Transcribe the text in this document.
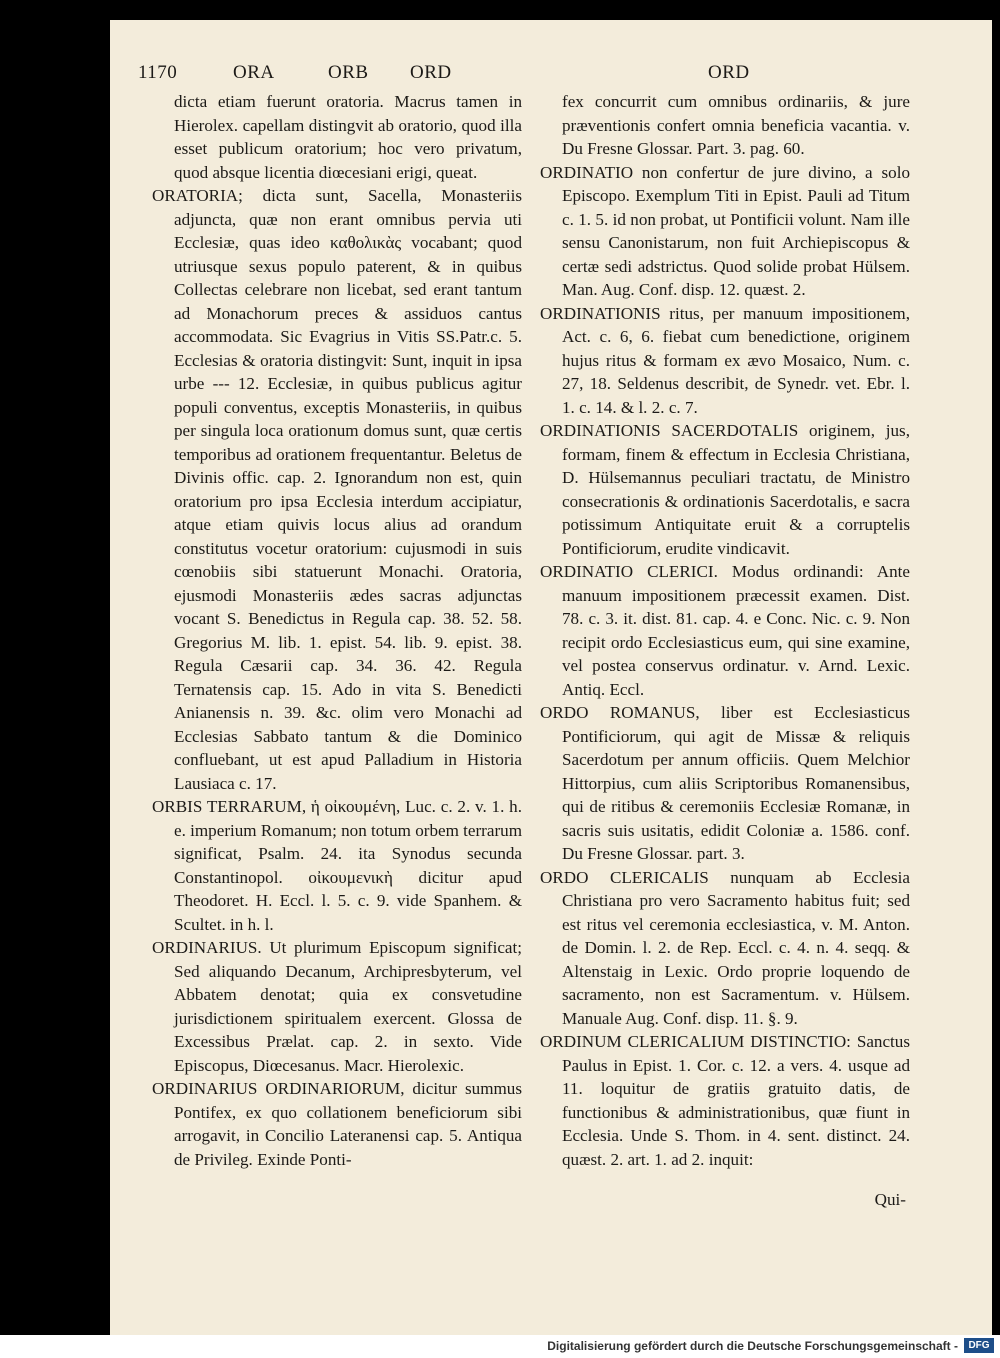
1170	ORA	ORB ORD	ORD

dicta etiam fuerunt oratoria. Macrus tamen in Hierolex. capellam distingvit ab oratorio, quod illa esset publicum oratorium; hoc vero privatum, quod absque licentia diœcesiani erigi, queat.

ORATORIA; dicta sunt, Sacella, Monasteriis adjuncta, quæ non erant omnibus pervia uti Ecclesiæ, quas ideo καθολικὰς vocabant; quod utriusque sexus populo paterent, & in quibus Collectas celebrare non licebat, sed erant tantum ad Monachorum preces & assiduos cantus accommodata. Sic Evagrius in Vitis SS.Patr.c. 5. Ecclesias & oratoria distingvit: Sunt, inquit in ipsa urbe --- 12. Ecclesiæ, in quibus publicus agitur populi conventus, exceptis Monasteriis, in quibus per singula loca orationum domus sunt, quæ certis temporibus ad orationem frequentantur. Beletus de Divinis offic. cap. 2. Ignorandum non est, quin oratorium pro ipsa Ecclesia interdum accipiatur, atque etiam quivis locus alius ad orandum constitutus vocetur oratorium: cujusmodi in suis cœnobiis sibi statuerunt Monachi. Oratoria, ejusmodi Monasteriis ædes sacras adjunctas vocant S. Benedictus in Regula cap. 38. 52. 58. Gregorius M. lib. 1. epist. 54. lib. 9. epist. 38. Regula Cæsarii cap. 34. 36. 42. Regula Ternatensis cap. 15. Ado in vita S. Benedicti Anianensis n. 39. &c. olim vero Monachi ad Ecclesias Sabbato tantum & die Dominico confluebant, ut est apud Palladium in Historia Lausiaca c. 17.

ORBIS TERRARUM, ἡ οἰκουμένη, Luc. c. 2. v. 1. h. e. imperium Romanum; non totum orbem terrarum significat, Psalm. 24. ita Synodus secunda Constantinopol. οἰκουμενικὴ dicitur apud Theodoret. H. Eccl. l. 5. c. 9. vide Spanhem. & Scultet. in h. l.

ORDINARIUS. Ut plurimum Episcopum significat; Sed aliquando Decanum, Archipresbyterum, vel Abbatem denotat; quia ex consvetudine jurisdictionem spiritualem exercent. Glossa de Excessibus Prælat. cap. 2. in sexto. Vide Episcopus, Diœcesanus. Macr. Hierolexic.

ORDINARIUS ORDINARIORUM, dicitur summus Pontifex, ex quo collationem beneficiorum sibi arrogavit, in Concilio Lateranensi cap. 5. Antiqua de Privileg. Exinde Ponti-

fex concurrit cum omnibus ordinariis, & jure præventionis confert omnia beneficia vacantia. v. Du Fresne Glossar. Part. 3. pag. 60.

ORDINATIO non confertur de jure divino, a solo Episcopo. Exemplum Titi in Epist. Pauli ad Titum c. 1. 5. id non probat, ut Pontificii volunt. Nam ille sensu Canonistarum, non fuit Archiepiscopus & certæ sedi adstrictus. Quod solide probat Hülsem. Man. Aug. Conf. disp. 12. quæst. 2.

ORDINATIONIS ritus, per manuum impositionem, Act. c. 6, 6. fiebat cum benedictione, originem hujus ritus & formam ex ævo Mosaico, Num. c. 27, 18. Seldenus describit, de Synedr. vet. Ebr. l. 1. c. 14. & l. 2. c. 7.

ORDINATIONIS SACERDOTALIS originem, jus, formam, finem & effectum in Ecclesia Christiana, D. Hülsemannus peculiari tractatu, de Ministro consecrationis & ordinationis Sacerdotalis, e sacra potissimum Antiquitate eruit & a corruptelis Pontificiorum, erudite vindicavit.

ORDINATIO CLERICI. Modus ordinandi: Ante manuum impositionem præcessit examen. Dist. 78. c. 3. it. dist. 81. cap. 4. e Conc. Nic. c. 9. Non recipit ordo Ecclesiasticus eum, qui sine examine, vel postea conservus ordinatur. v. Arnd. Lexic. Antiq. Eccl.

ORDO ROMANUS, liber est Ecclesiasticus Pontificiorum, qui agit de Missæ & reliquis Sacerdotum per annum officiis. Quem Melchior Hittorpius, cum aliis Scriptoribus Romanensibus, qui de ritibus & ceremoniis Ecclesiæ Romanæ, in sacris suis usitatis, edidit Coloniæ a. 1586. conf. Du Fresne Glossar. part. 3.

ORDO CLERICALIS nunquam ab Ecclesia Christiana pro vero Sacramento habitus fuit; sed est ritus vel ceremonia ecclesiastica, v. M. Anton. de Domin. l. 2. de Rep. Eccl. c. 4. n. 4. seqq. & Altenstaig in Lexic. Ordo proprie loquendo de sacramento, non est Sacramentum. v. Hülsem. Manuale Aug. Conf. disp. 11. §. 9.

ORDINUM CLERICALIUM DISTINCTIO: Sanctus Paulus in Epist. 1. Cor. c. 12. a vers. 4. usque ad 11. loquitur de gratiis gratuito datis, de functionibus & administrationibus, quæ fiunt in Ecclesia. Unde S. Thom. in 4. sent. distinct. 24. quæst. 2. art. 1. ad 2. inquit:

Qui-

Digitalisierung gefördert durch die Deutsche Forschungsgemeinschaft -	DFG
